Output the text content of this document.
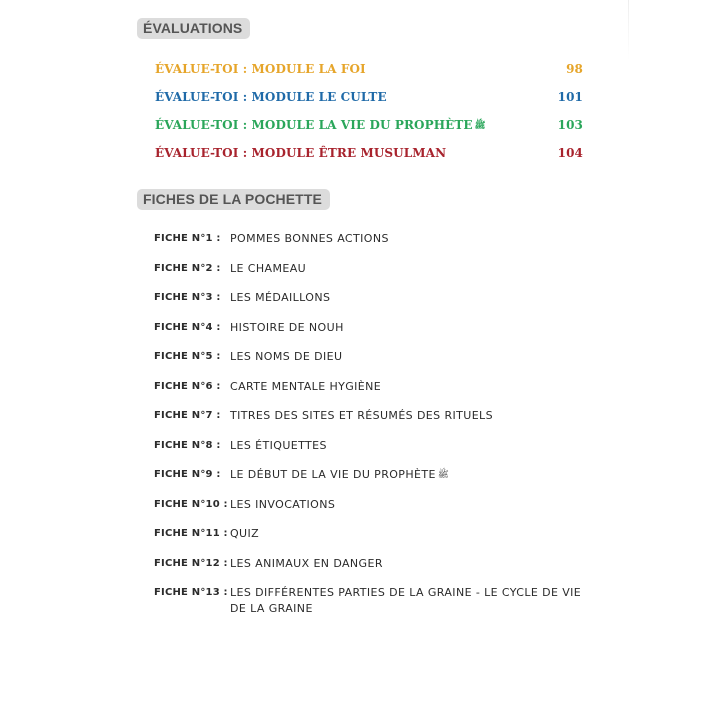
ÉVALUATIONS
ÉVALUE-TOI : MODULE LA FOI	98
ÉVALUE-TOI : MODULE LE CULTE	101
ÉVALUE-TOI : MODULE LA VIE DU PROPHÈTE ﷺ	103
ÉVALUE-TOI : MODULE ÊTRE MUSULMAN	104
FICHES DE LA POCHETTE
FICHE N°1 : POMMES BONNES ACTIONS
FICHE N°2 : LE CHAMEAU
FICHE N°3 : LES MÉDAILLONS
FICHE N°4 : HISTOIRE DE NOUH
FICHE N°5 : LES NOMS DE DIEU
FICHE N°6 : CARTE MENTALE HYGIÈNE
FICHE N°7 : TITRES DES SITES ET RÉSUMÉS DES RITUELS
FICHE N°8 : LES ÉTIQUETTES
FICHE N°9 : LE DÉBUT DE LA VIE DU PROPHÈTE ﷺ
FICHE N°10 : LES INVOCATIONS
FICHE N°11 : QUIZ
FICHE N°12 : LES ANIMAUX EN DANGER
FICHE N°13 : LES DIFFÉRENTES PARTIES DE LA GRAINE - LE CYCLE DE VIE DE LA GRAINE
